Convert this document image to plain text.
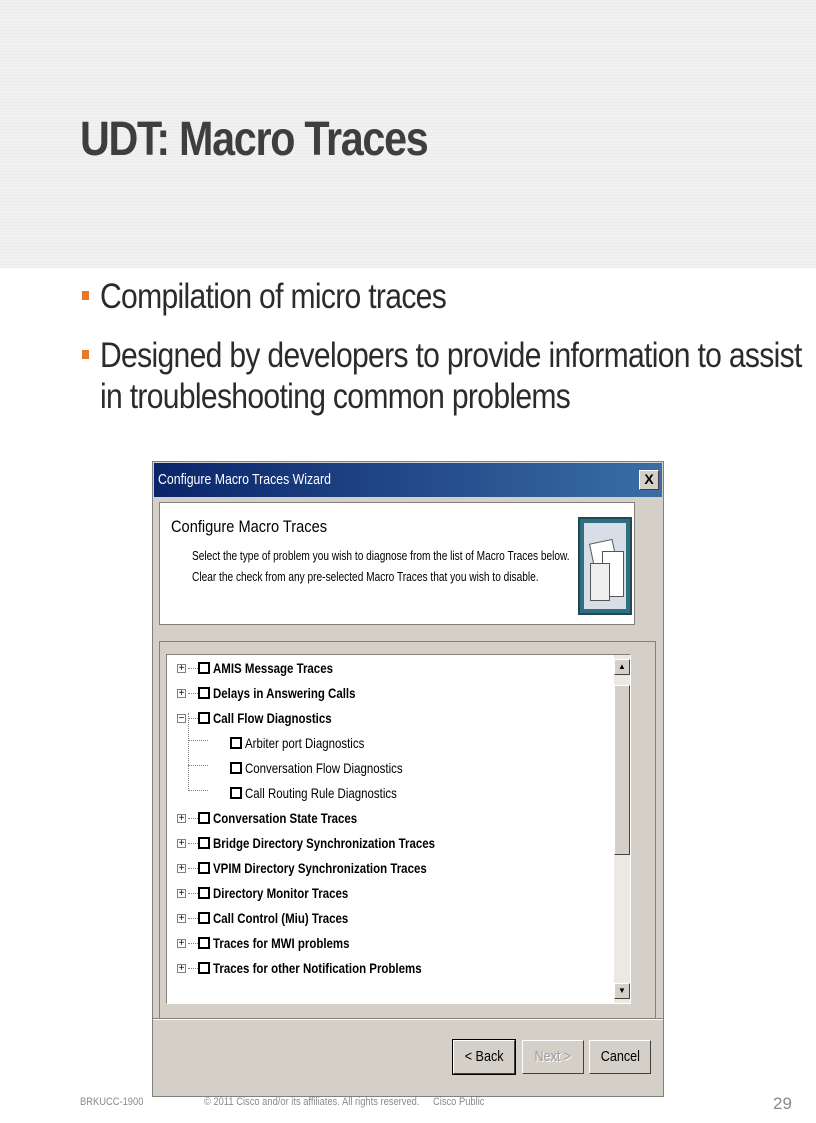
UDT: Macro Traces
Compilation of micro traces
Designed by developers to provide information to assist
in troubleshooting common problems
Configure Macro Traces Wizard	X
Configure Macro Traces
Select the type of problem you wish to diagnose from the list of Macro Traces below.
Clear the check from any pre-selected Macro Traces that you wish to disable.
+ AMIS Message Traces
+ Delays in Answering Calls
− Call Flow Diagnostics
Arbiter port Diagnostics
Conversation Flow Diagnostics
Call Routing Rule Diagnostics
+ Conversation State Traces
+ Bridge Directory Synchronization Traces
+ VPIM Directory Synchronization Traces
+ Directory Monitor Traces
+ Call Control (Miu) Traces
+ Traces for MWI problems
+ Traces for other Notification Problems
▲
▼
< Back	Next >	Cancel
BRKUCC-1900	© 2011 Cisco and/or its affiliates. All rights reserved. Cisco Public	29
